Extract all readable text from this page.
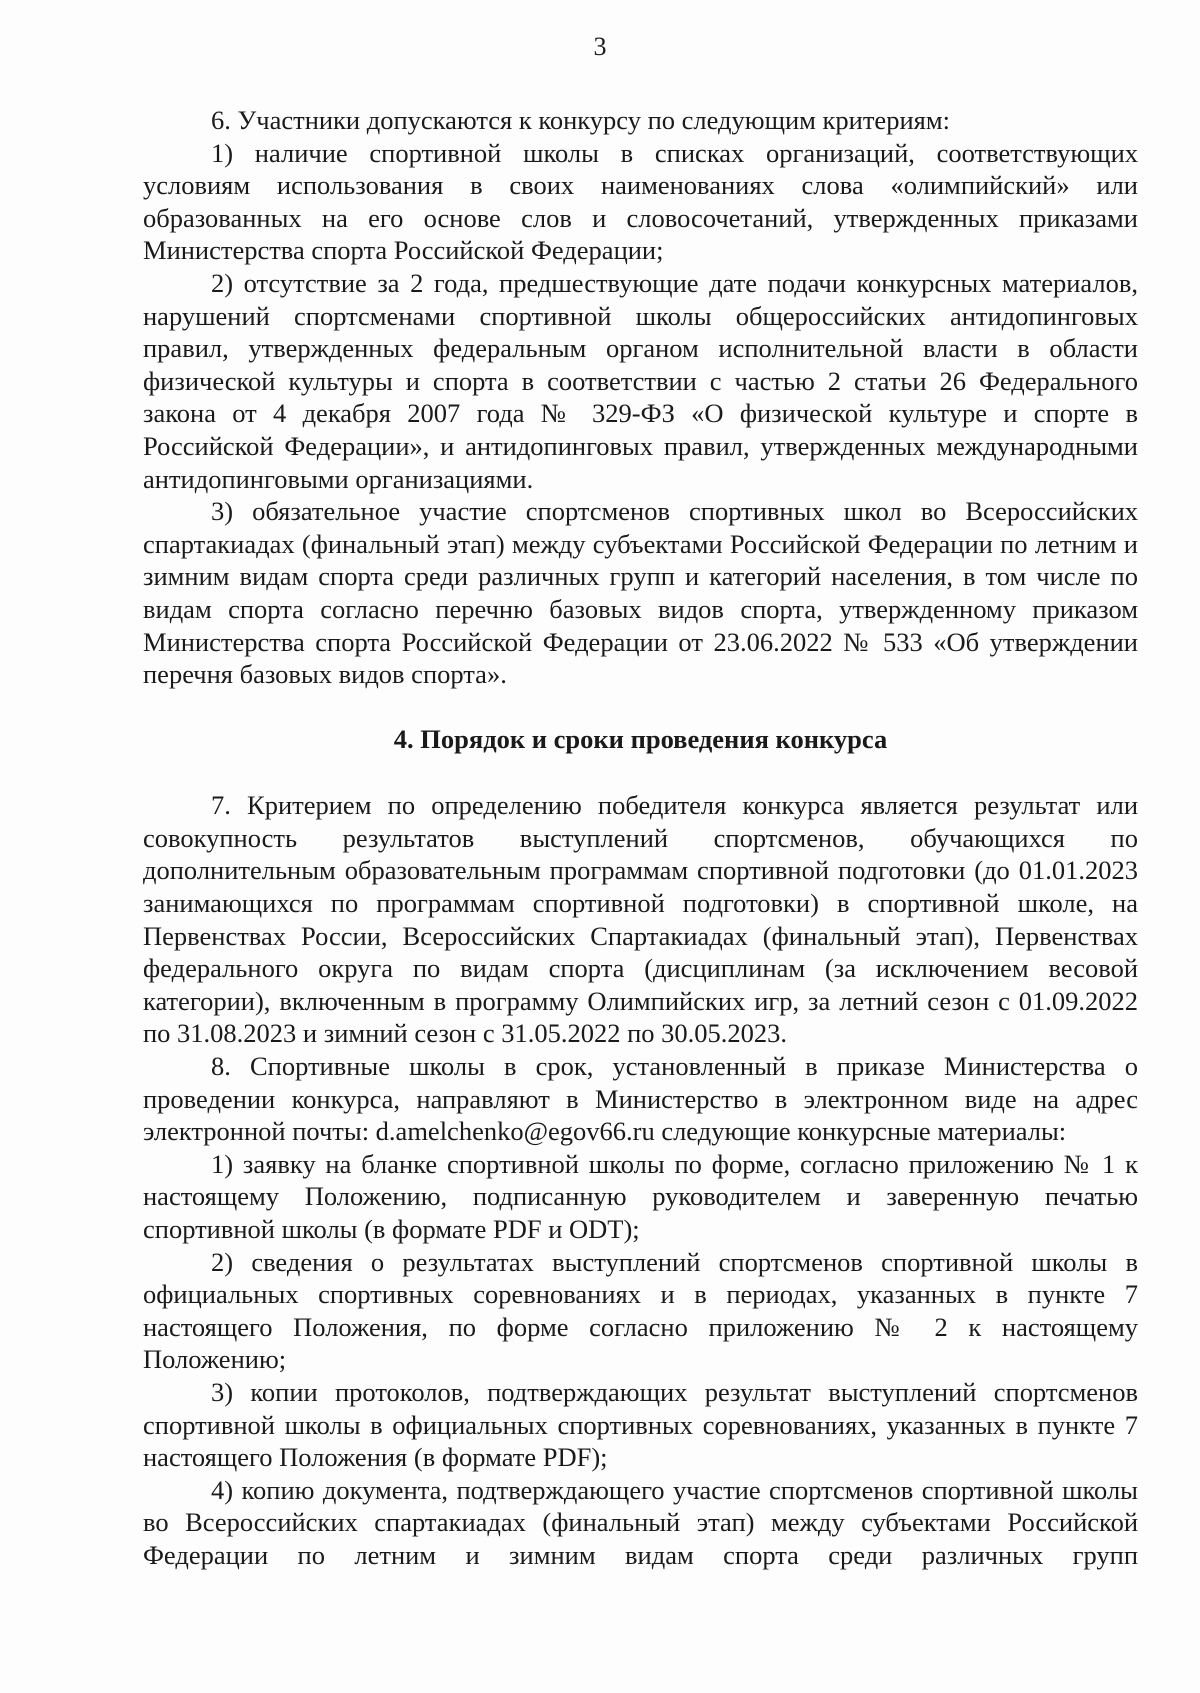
3

6. Участники допускаются к конкурсу по следующим критериям:

1) наличие спортивной школы в списках организаций, соответствующих условиям использования в своих наименованиях слова «олимпийский» или образованных на его основе слов и словосочетаний, утвержденных приказами Министерства спорта Российской Федерации;

2) отсутствие за 2 года, предшествующие дате подачи конкурсных материалов, нарушений спортсменами спортивной школы общероссийских антидопинговых правил, утвержденных федеральным органом исполнительной власти в области физической культуры и спорта в соответствии с частью 2 статьи 26 Федерального закона от 4 декабря 2007 года № 329-ФЗ «О физической культуре и спорте в Российской Федерации», и антидопинговых правил, утвержденных международными антидопинговыми организациями.

3) обязательное участие спортсменов спортивных школ во Всероссийских спартакиадах (финальный этап) между субъектами Российской Федерации по летним и зимним видам спорта среди различных групп и категорий населения, в том числе по видам спорта согласно перечню базовых видов спорта, утвержденному приказом Министерства спорта Российской Федерации от 23.06.2022 № 533 «Об утверждении перечня базовых видов спорта».

4. Порядок и сроки проведения конкурса

7. Критерием по определению победителя конкурса является результат или совокупность результатов выступлений спортсменов, обучающихся по дополнительным образовательным программам спортивной подготовки (до 01.01.2023 занимающихся по программам спортивной подготовки) в спортивной школе, на Первенствах России, Всероссийских Спартакиадах (финальный этап), Первенствах федерального округа по видам спорта (дисциплинам (за исключением весовой категории), включенным в программу Олимпийских игр, за летний сезон с 01.09.2022 по 31.08.2023 и зимний сезон с 31.05.2022 по 30.05.2023.

8. Спортивные школы в срок, установленный в приказе Министерства о проведении конкурса, направляют в Министерство в электронном виде на адрес электронной почты: d.amelchenko@egov66.ru следующие конкурсные материалы:

1) заявку на бланке спортивной школы по форме, согласно приложению № 1 к настоящему Положению, подписанную руководителем и заверенную печатью спортивной школы (в формате PDF и ODT);

2) сведения о результатах выступлений спортсменов спортивной школы в официальных спортивных соревнованиях и в периодах, указанных в пункте 7 настоящего Положения, по форме согласно приложению № 2 к настоящему Положению;

3) копии протоколов, подтверждающих результат выступлений спортсменов спортивной школы в официальных спортивных соревнованиях, указанных в пункте 7 настоящего Положения (в формате PDF);

4) копию документа, подтверждающего участие спортсменов спортивной школы во Всероссийских спартакиадах (финальный этап) между субъектами Российской Федерации по летним и зимним видам спорта среди различных групп
